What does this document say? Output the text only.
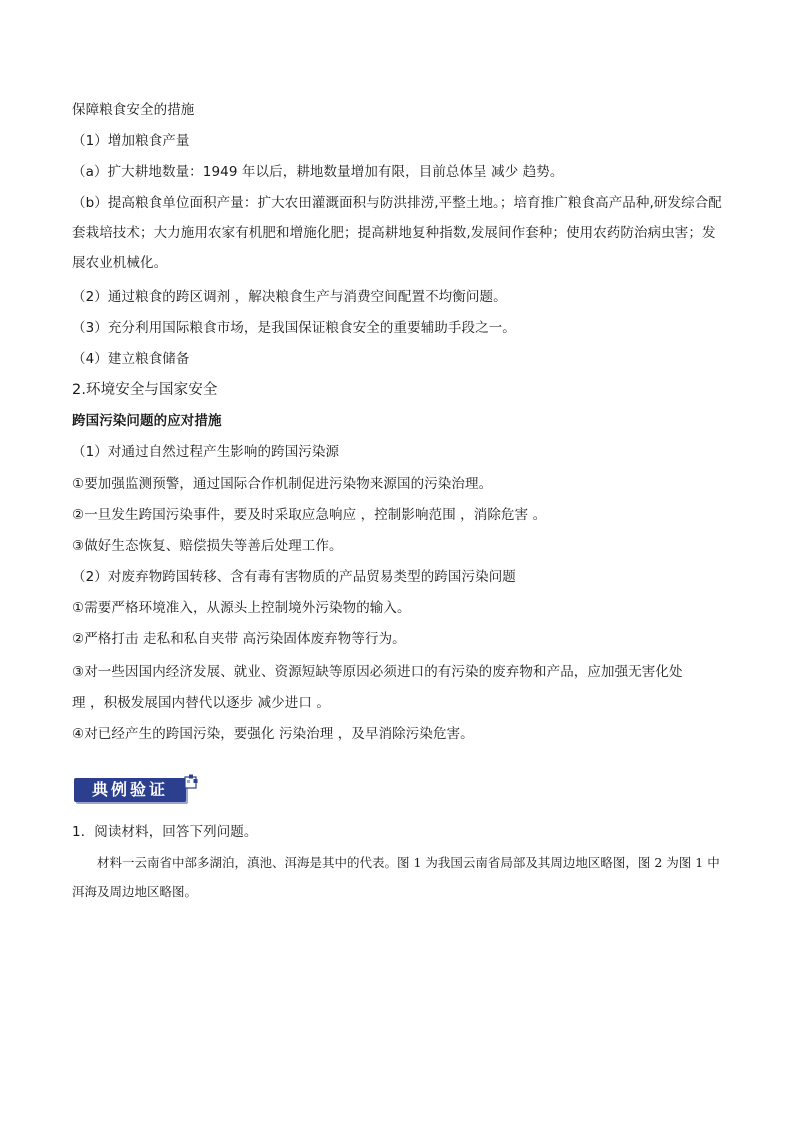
保障粮食安全的措施
（1）增加粮食产量
（a）扩大耕地数量：1949 年以后，耕地数量增加有限，目前总体呈 减少 趋势。
（b）提高粮食单位面积产量：扩大农田灌溉面积与防洪排涝,平整土地。；培育推广粮食高产品种,研发综合配套栽培技术；大力施用农家有机肥和增施化肥；提高耕地复种指数,发展间作套种；使用农药防治病虫害；发展农业机械化。
（2）通过粮食的跨区调剂 ，解决粮食生产与消费空间配置不均衡问题。
（3）充分利用国际粮食市场，是我国保证粮食安全的重要辅助手段之一。
（4）建立粮食储备
2.环境安全与国家安全
跨国污染问题的应对措施
（1）对通过自然过程产生影响的跨国污染源
①要加强监测预警，通过国际合作机制促进污染物来源国的污染治理。
②一旦发生跨国污染事件，要及时采取应急响应 ，控制影响范围 ，消除危害 。
③做好生态恢复、赔偿损失等善后处理工作。
（2）对废弃物跨国转移、含有毒有害物质的产品贸易类型的跨国污染问题
①需要严格环境准入，从源头上控制境外污染物的输入。
②严格打击 走私和私自夹带 高污染固体废弃物等行为。
③对一些因国内经济发展、就业、资源短缺等原因必须进口的有污染的废弃物和产品，应加强无害化处
理 ，积极发展国内替代以逐步 减少进口 。
④对已经产生的跨国污染，要强化 污染治理 ，及早消除污染危害。
典例验证
1．阅读材料，回答下列问题。
材料一云南省中部多湖泊，滇池、洱海是其中的代表。图 1 为我国云南省局部及其周边地区略图，图 2 为图 1 中洱海及周边地区略图。
